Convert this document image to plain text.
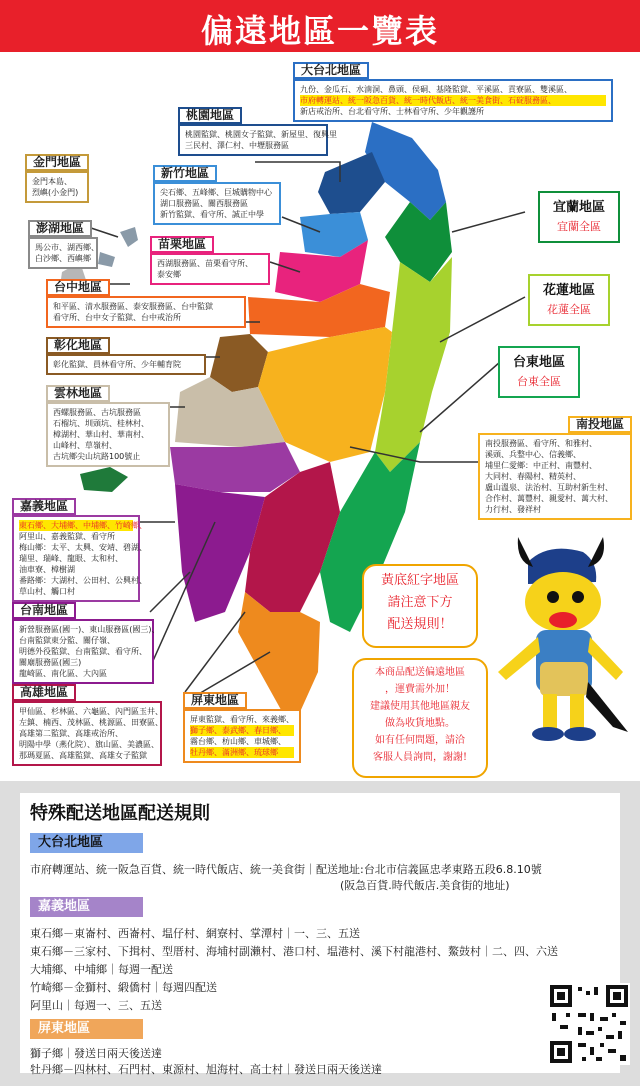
偏遠地區一覽表
大台北地區
九份、金瓜石、水湳洞、鼻頭、侯硐、基隆監獄、平溪區、貢寮區、雙溪區、
市府轉運站、統一阪急百貨、統一時代飯店、統一美食街、石碇服務區、
新店戒治所、台北看守所、士林看守所、少年觀護所
桃園地區
桃園監獄、桃園女子監獄、新屋里、復興里
三民村、澤仁村、中壢服務區
新竹地區
尖石鄉、五峰鄉、巨城購物中心
湖口服務區、關西服務區
新竹監獄、看守所、誠正中學
金門地區
金門本島、
烈嶼(小金門)
澎湖地區
馬公市、湖西鄉、
白沙鄉、西嶼鄉
苗栗地區
西湖服務區、苗栗看守所、
泰安鄉
台中地區
和平區、清水服務區、泰安服務區、台中監獄
看守所、台中女子監獄、台中戒治所
彰化地區
彰化監獄、員林看守所、少年輔育院
雲林地區
西螺服務區、古坑服務區
石榴坑、圳頭坑、桂林村、
樟湖村、華山村、華南村、
山峰村、草嶺村、
古坑鄉尖山坑路100號止
嘉義地區
東石鄉、大埔鄉、中埔鄉、竹崎鄉、
阿里山、嘉義監獄、看守所
梅山鄉：太平、太興、安靖、碧湖、
瑞里、瑞峰、龍眼、太和村、
油車寮、樟樹湖
番路鄉：大湖村、公田村、公興村、
草山村、觸口村
台南地區
新營服務區(國一)、東山服務區(國三)、
台南監獄東分監、關仔嶺、
明德外役監獄、台南監獄、看守所、
關廟服務區(國三)
龍崎區、南化區、大內區
高雄地區
甲仙區、杉林區、六龜區、內門區玉井、
左鎮、楠西、茂林區、桃源區、田寮區、
高雄第二監獄、高雄戒治所、
明陽中學（燕化院）、旗山區、美濃區、
那瑪夏區、高雄監獄、高雄女子監獄
屏東地區
屏東監獄、看守所、來義鄉、
獅子鄉、泰武鄉、春日鄉、
霧台鄉、枋山鄉、車城鄉、
牡丹鄉、滿洲鄉、琉球鄉
南投地區
南投服務區、看守所、和雅村、
溪頭、兵整中心、信義鄉、
埔里仁愛鄉：中正村、南豐村、
大同村、春陽村、精英村、
盧山溫泉、法治村、互助村新生村、
合作村、萬豐村、親愛村、萬大村、
力行村、發祥村
宜蘭地區
宜蘭全區
花蓮地區
花蓮全區
台東地區
台東全區
黃底紅字地區
請注意下方
配送規則！
本商品配送偏遠地區
，運費需外加！
建議使用其他地區親友
做為收貨地點。
如有任何問題，請洽
客服人員詢問，謝謝!
特殊配送地區配送規則
大台北地區
市府轉運站、統一阪急百貨、統一時代飯店、統一美食街｜配送地址:台北市信義區忠孝東路五段6.8.10號
(阪急百貨.時代飯店.美食街的地址)
嘉義地區
東石鄉－東崙村、西崙村、塭仔村、網寮村、掌潭村｜一、三、五送
東石鄉－三家村、下揖村、型厝村、海埔村副瀨村、港口村、塭港村、溪下村龍港村、鰲鼓村｜二、四、六送
大埔鄉、中埔鄉｜每週一配送
竹崎鄉－金獅村、緞僑村｜每週四配送
阿里山｜每週一、三、五送
屏東地區
獅子鄉｜發送日兩天後送達
牡丹鄉－四林村、石門村、東源村、旭海村、高士村｜發送日兩天後送達
